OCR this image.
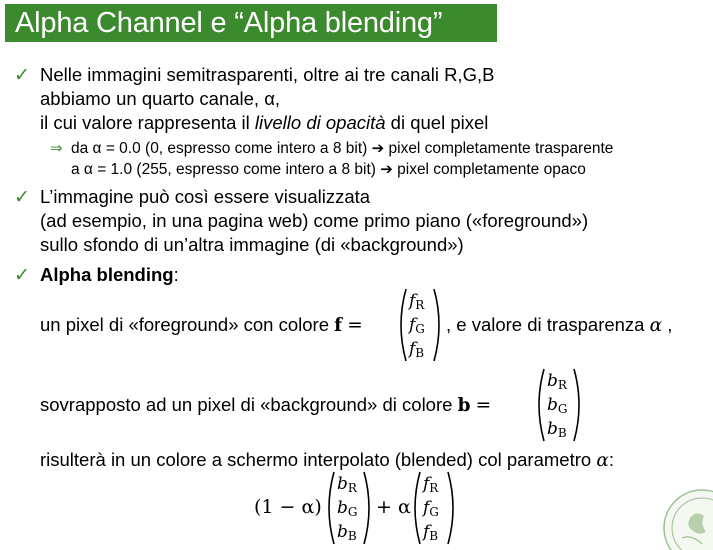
Alpha Channel e “Alpha blending”
✓ Nelle immagini semitrasparenti, oltre ai tre canali R,G,B
abbiamo un quarto canale, α,
il cui valore rappresenta il livello di opacità di quel pixel
⇒ da α = 0.0 (0, espresso come intero a 8 bit) ➔ pixel completamente trasparente
a α = 1.0 (255, espresso come intero a 8 bit) ➔ pixel completamente opaco
✓ L’immagine può così essere visualizzata
(ad esempio, in una pagina web) come primo piano («foreground»)
sullo sfondo di un’altra immagine (di «background»)
✓ Alpha blending:
un pixel di «foreground» con colore f =
$f_R$
$f_G$
$f_B$
, e valore di trasparenza α ,
sovrapposto ad un pixel di «background» di colore b =
$b_R$
$b_G$
$b_B$
risulterà in un colore a schermo interpolato (blended) col parametro α:
(1 − α)
$b_R$
$b_G$
$b_B$
+ α
$f_R$
$f_G$
$f_B$
